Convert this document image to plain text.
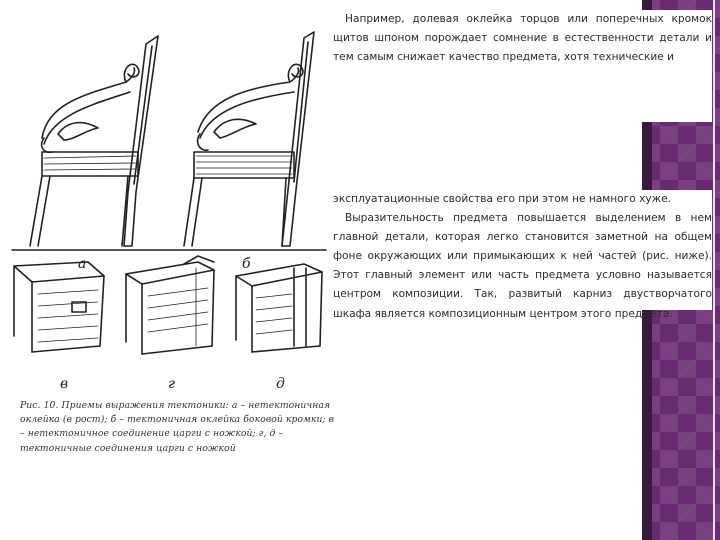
а	б
в	г	д
Рис. 10. Приемы выражения тектоники: а – нетектоничная оклейка (в рост); б – тектоничная оклейка боковой кромки; в – нетектоничное соединение царги с ножкой; г, д – тектоничные соединения царги с ножкой

Например, долевая оклейка торцов или поперечных кромок щитов шпоном порождает сомнение в естественности детали и тем самым снижает качество предмета, хотя технические и

эксплуатационные свойства его при этом не намного хуже.

Выразительность предмета повышается выделением в нем главной детали, которая легко становится заметной на общем фоне окружающих или примыкающих к ней частей (рис. ниже). Этот главный элемент или часть предмета условно называется центром композиции. Так, развитый карниз двустворчатого шкафа является композиционным центром этого предмета.
